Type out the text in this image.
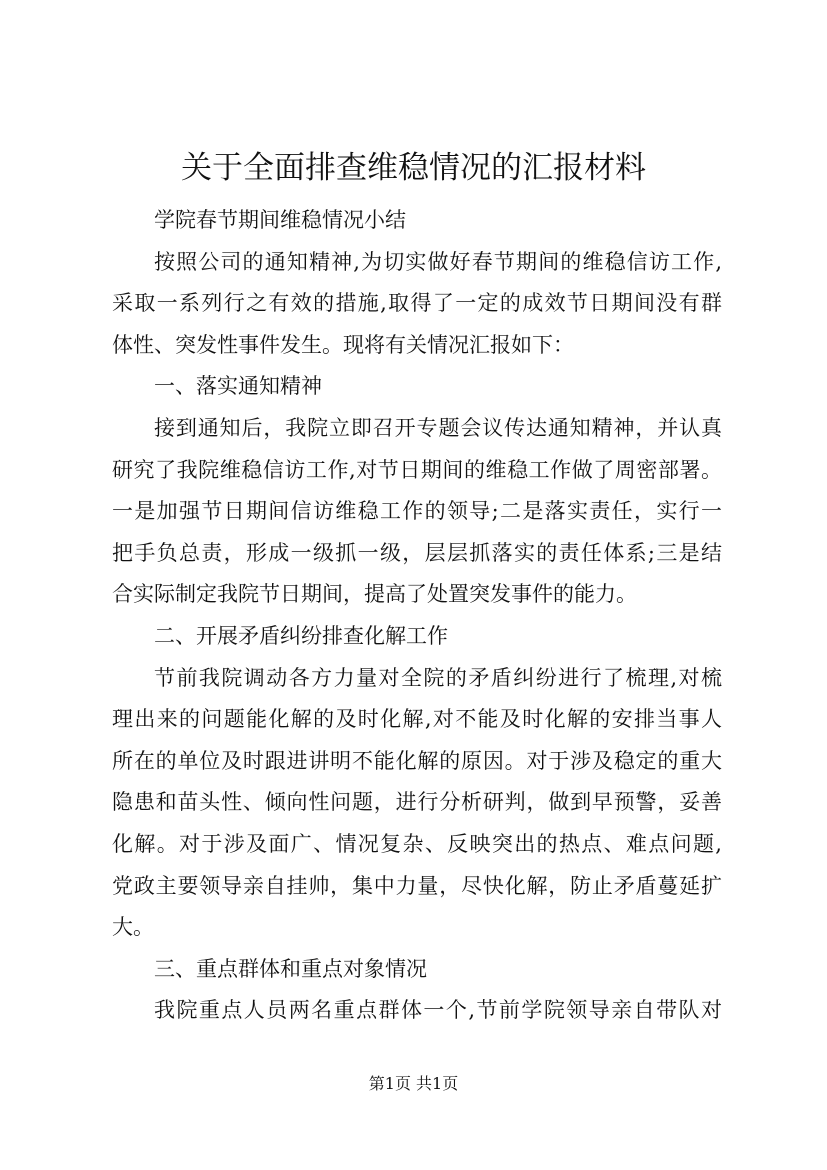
关于全面排查维稳情况的汇报材料
学院春节期间维稳情况小结
按照公司的通知精神,为切实做好春节期间的维稳信访工作,
采取一系列行之有效的措施,取得了一定的成效节日期间没有群
体性、突发性事件发生。现将有关情况汇报如下：
一、落实通知精神
接到通知后，我院立即召开专题会议传达通知精神，并认真
研究了我院维稳信访工作,对节日期间的维稳工作做了周密部署。
一是加强节日期间信访维稳工作的领导;二是落实责任，实行一
把手负总责，形成一级抓一级，层层抓落实的责任体系;三是结
合实际制定我院节日期间，提高了处置突发事件的能力。
二、开展矛盾纠纷排查化解工作
节前我院调动各方力量对全院的矛盾纠纷进行了梳理,对梳
理出来的问题能化解的及时化解,对不能及时化解的安排当事人
所在的单位及时跟进讲明不能化解的原因。对于涉及稳定的重大
隐患和苗头性、倾向性问题，进行分析研判，做到早预警，妥善
化解。对于涉及面广、情况复杂、反映突出的热点、难点问题,
党政主要领导亲自挂帅，集中力量，尽快化解，防止矛盾蔓延扩
大。
三、重点群体和重点对象情况
我院重点人员两名重点群体一个,节前学院领导亲自带队对
第1页 共1页
